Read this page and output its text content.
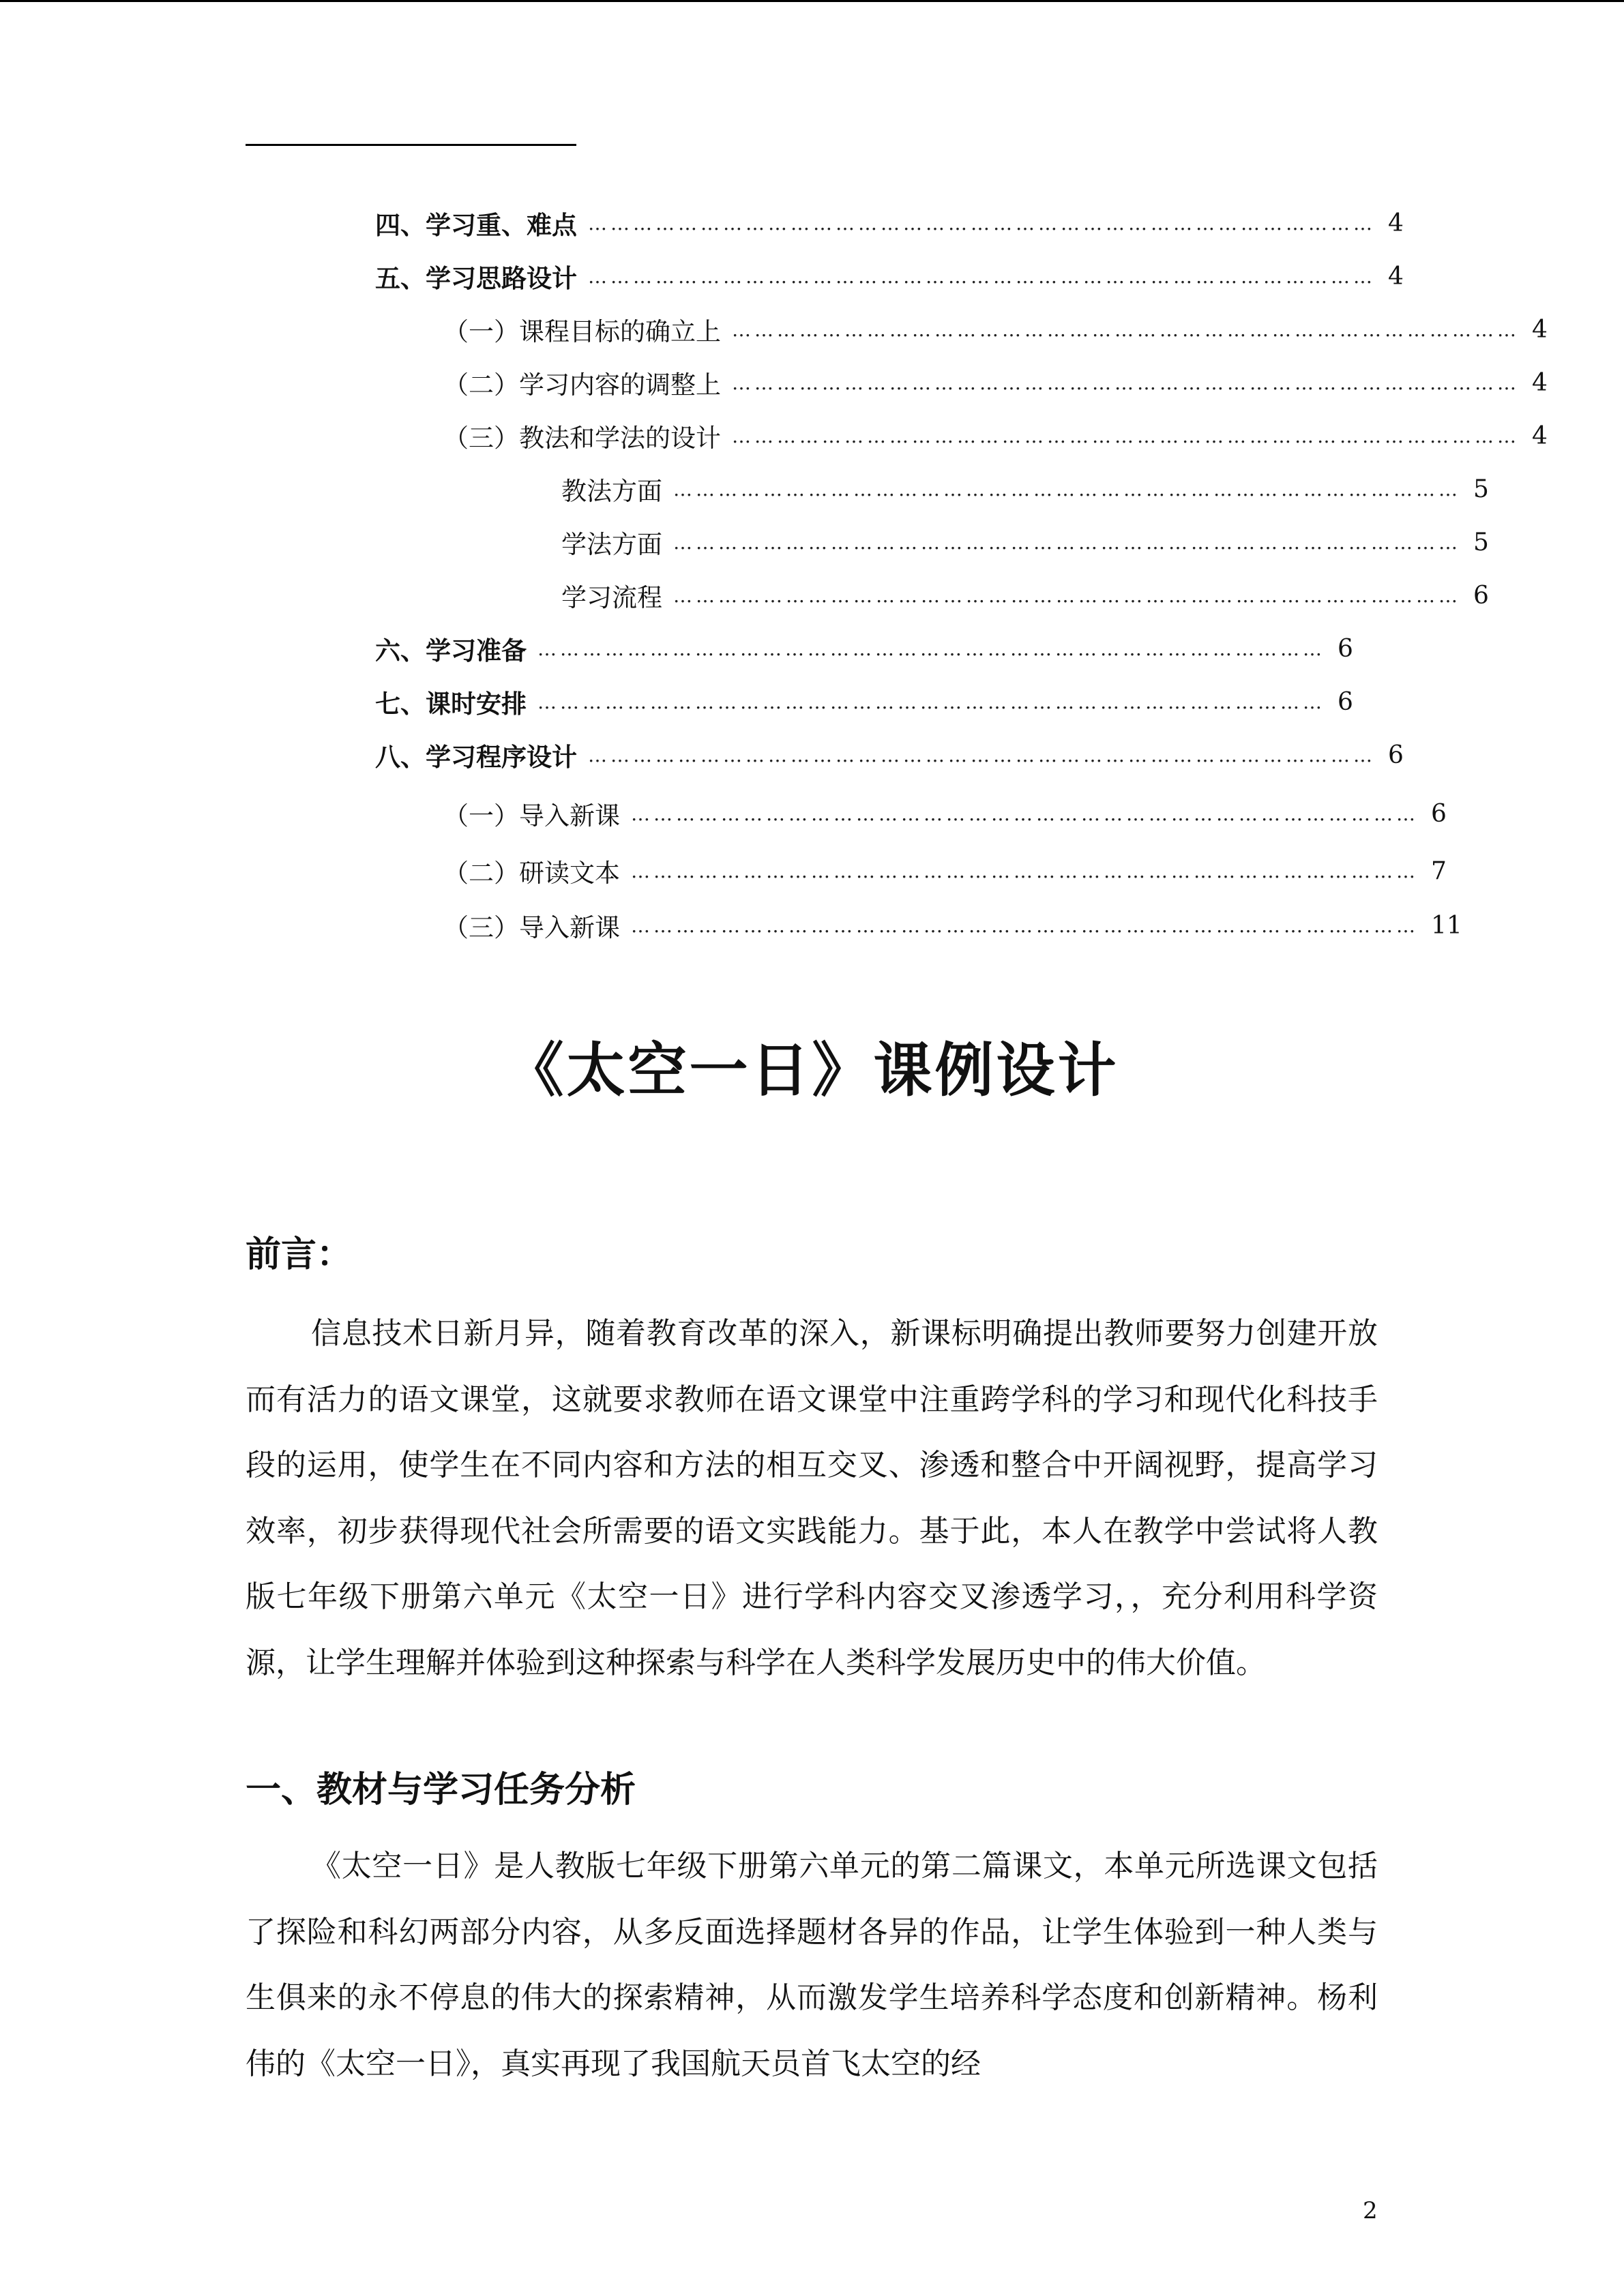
四、 学习重、难点 …………………………………………………………………………………………… 4
五、 学习思路设计 …………………………………………………………………………………………… 4
（一）课程目标的确立上 …………………………………………………………………………………………… 4
（二）学习内容的调整上 …………………………………………………………………………………………… 4
（三）教法和学法的设计 …………………………………………………………………………………………… 4
教法方面 …………………………………………………………………………………………… 5
学法方面 …………………………………………………………………………………………… 5
学习流程 …………………………………………………………………………………………… 6
六、学习准备 …………………………………………………………………………………………… 6
七、 课时安排 …………………………………………………………………………………………… 6
八、 学习程序设计 …………………………………………………………………………………………… 6
（一）导入新课 …………………………………………………………………………………………… 6
（二）研读文本 …………………………………………………………………………………………… 7
（三）导入新课 …………………………………………………………………………………………… 11
《太空一日》课例设计
前言：

信息技术日新月异，随着教育改革的深入，新课标明确提出教师要努力创建开放而有活力的语文课堂，这就要求教师在语文课堂中注重跨学科的学习和现代化科技手段的运用，使学生在不同内容和方法的相互交叉、渗透和整合中开阔视野，提高学习效率，初步获得现代社会所需要的语文实践能力。基于此，本人在教学中尝试将人教版七年级下册第六单元《太空一日》进行学科内容交叉渗透学习，，充分利用科学资源，让学生理解并体验到这种探索与科学在人类科学发展历史中的伟大价值。

一、教材与学习任务分析

《太空一日》是人教版七年级下册第六单元的第二篇课文，本单元所选课文包括了探险和科幻两部分内容，从多反面选择题材各异的作品，让学生体验到一种人类与生俱来的永不停息的伟大的探索精神，从而激发学生培养科学态度和创新精神。杨利伟的《太空一日》，真实再现了我国航天员首飞太空的经

2
